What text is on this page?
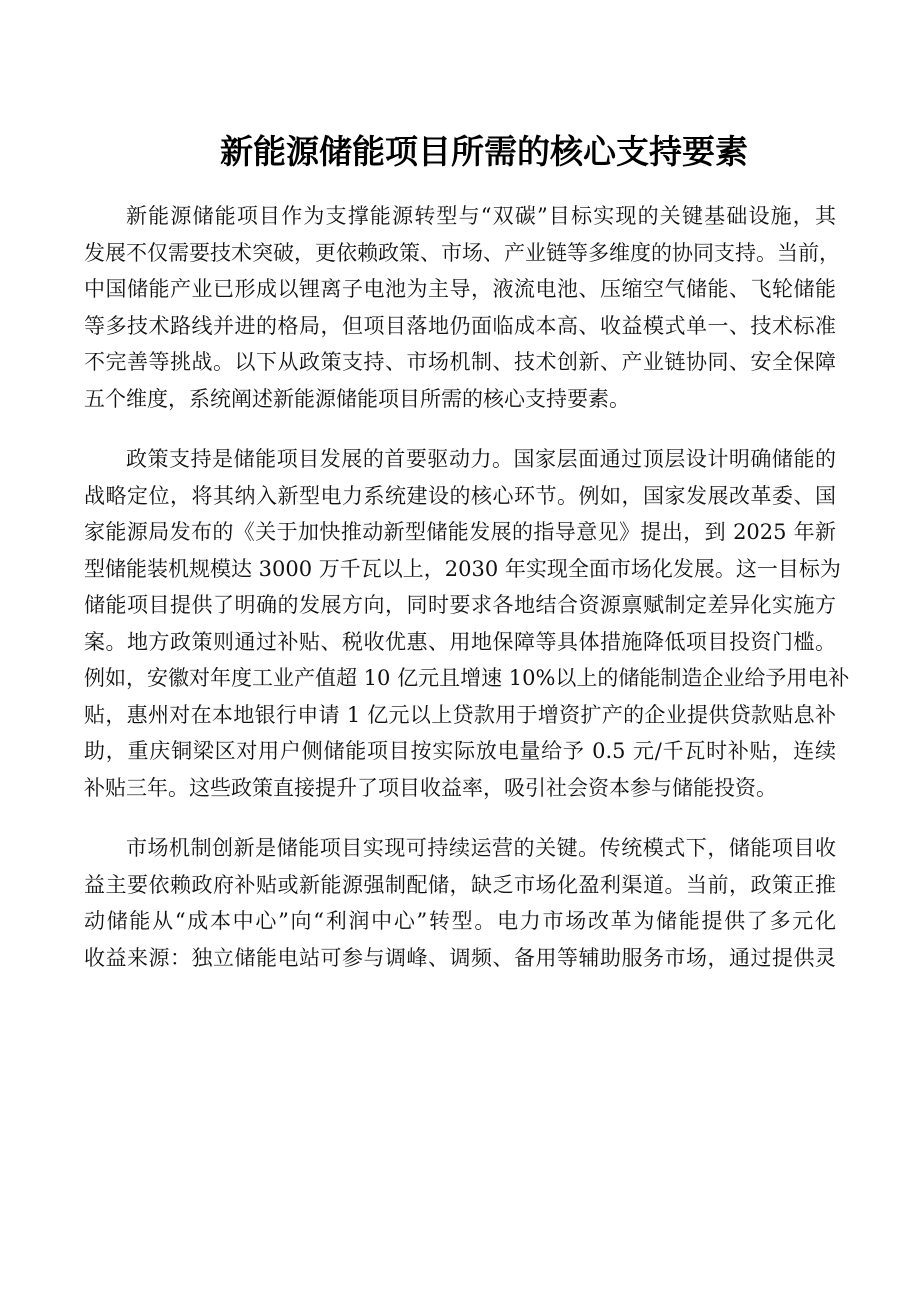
新能源储能项目所需的核心支持要素
新能源储能项目作为支撑能源转型与“双碳”目标实现的关键基础设施，其
发展不仅需要技术突破，更依赖政策、市场、产业链等多维度的协同支持。当前，
中国储能产业已形成以锂离子电池为主导，液流电池、压缩空气储能、飞轮储能
等多技术路线并进的格局，但项目落地仍面临成本高、收益模式单一、技术标准
不完善等挑战。以下从政策支持、市场机制、技术创新、产业链协同、安全保障
五个维度，系统阐述新能源储能项目所需的核心支持要素。
政策支持是储能项目发展的首要驱动力。国家层面通过顶层设计明确储能的
战略定位，将其纳入新型电力系统建设的核心环节。例如，国家发展改革委、国
家能源局发布的《关于加快推动新型储能发展的指导意见》提出，到 2025 年新
型储能装机规模达 3000 万千瓦以上，2030 年实现全面市场化发展。这一目标为
储能项目提供了明确的发展方向，同时要求各地结合资源禀赋制定差异化实施方
案。地方政策则通过补贴、税收优惠、用地保障等具体措施降低项目投资门槛。
例如，安徽对年度工业产值超 10 亿元且增速 10%以上的储能制造企业给予用电补
贴，惠州对在本地银行申请 1 亿元以上贷款用于增资扩产的企业提供贷款贴息补
助，重庆铜梁区对用户侧储能项目按实际放电量给予 0.5 元/千瓦时补贴，连续
补贴三年。这些政策直接提升了项目收益率，吸引社会资本参与储能投资。
市场机制创新是储能项目实现可持续运营的关键。传统模式下，储能项目收
益主要依赖政府补贴或新能源强制配储，缺乏市场化盈利渠道。当前，政策正推
动储能从“成本中心”向“利润中心”转型。电力市场改革为储能提供了多元化
收益来源：独立储能电站可参与调峰、调频、备用等辅助服务市场，通过提供灵
